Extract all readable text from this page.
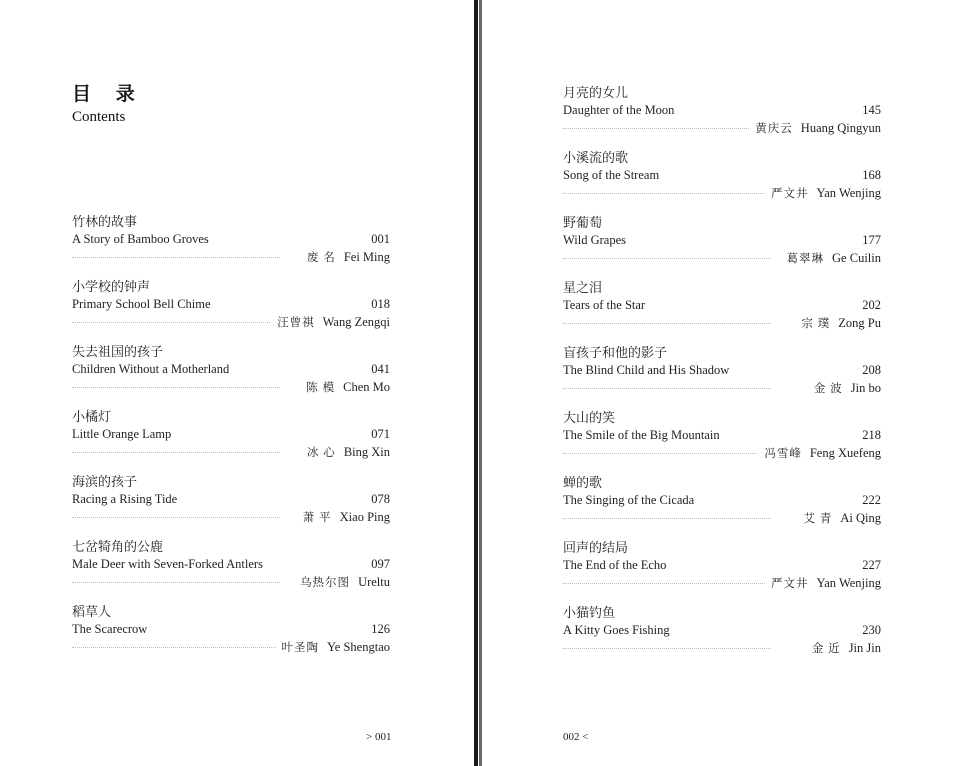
目 录
Contents
竹林的故事
A Story of Bamboo Groves	001
废 名 Fei Ming
小学校的钟声
Primary School Bell Chime	018
汪曾祺 Wang Zengqi
失去祖国的孩子
Children Without a Motherland	041
陈 模 Chen Mo
小橘灯
Little Orange Lamp	071
冰 心 Bing Xin
海滨的孩子
Racing a Rising Tide	078
萧 平 Xiao Ping
七岔犄角的公鹿
Male Deer with Seven-Forked Antlers	097
乌热尔图 Ureltu
稻草人
The Scarecrow	126
叶圣陶 Ye Shengtao
> 001
月亮的女儿
Daughter of the Moon	145
黄庆云 Huang Qingyun
小溪流的歌
Song of the Stream	168
严文井 Yan Wenjing
野葡萄
Wild Grapes	177
葛翠琳 Ge Cuilin
星之泪
Tears of the Star	202
宗 璞 Zong Pu
盲孩子和他的影子
The Blind Child and His Shadow	208
金 波 Jin bo
大山的笑
The Smile of the Big Mountain	218
冯雪峰 Feng Xuefeng
蝉的歌
The Singing of the Cicada	222
艾 青 Ai Qing
回声的结局
The End of the Echo	227
严文井 Yan Wenjing
小猫钓鱼
A Kitty Goes Fishing	230
金 近 Jin Jin
002 <
